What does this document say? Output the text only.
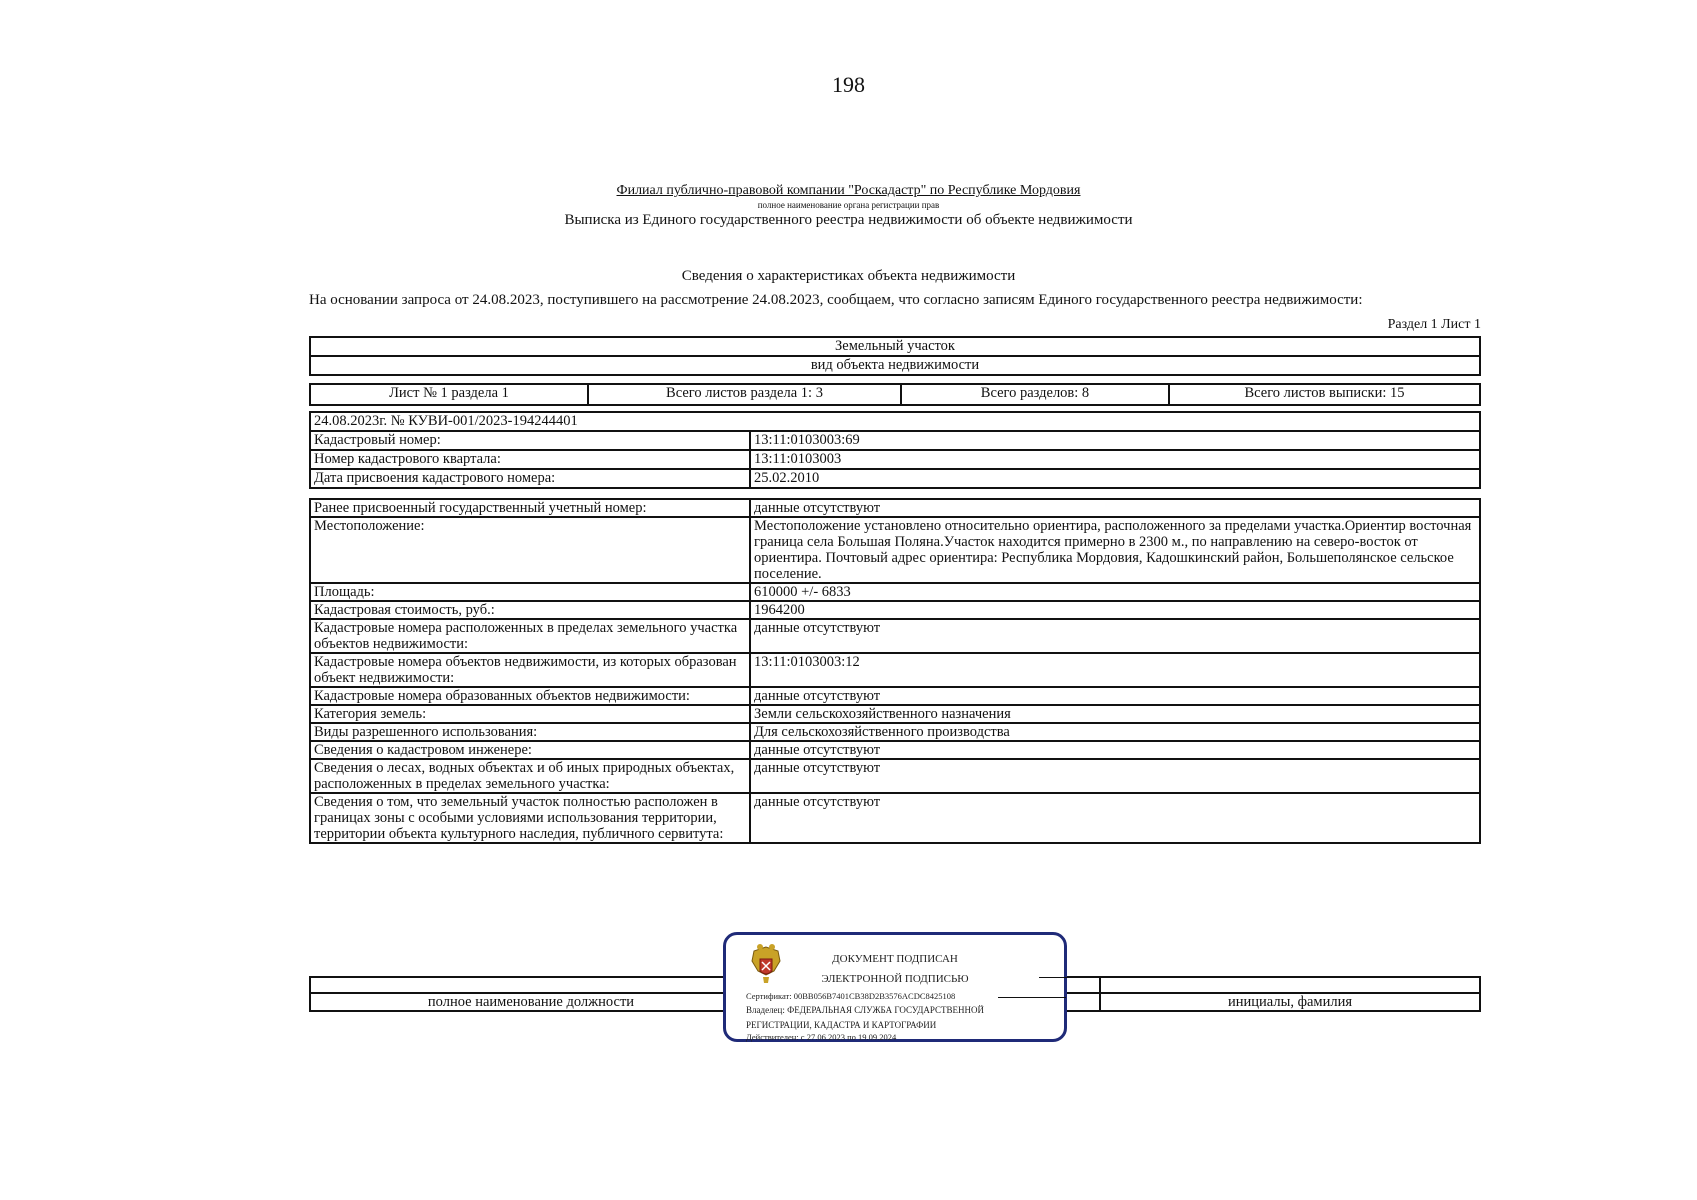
198
Филиал публично-правовой компании "Роскадастр" по Республике Мордовия
полное наименование органа регистрации прав
Выписка из Единого государственного реестра недвижимости об объекте недвижимости
Сведения о характеристиках объекта недвижимости
На основании запроса от 24.08.2023, поступившего на рассмотрение 24.08.2023, сообщаем, что согласно записям Единого государственного реестра недвижимости:
Раздел 1 Лист 1
Земельный участок
вид объекта недвижимости
Лист № 1 раздела 1	Всего листов раздела 1: 3	Всего разделов: 8	Всего листов выписки: 15
24.08.2023г. № КУВИ-001/2023-194244401	
Кадастровый номер:	13:11:0103003:69
Номер кадастрового квартала:	13:11:0103003
Дата присвоения кадастрового номера:	25.02.2010
Ранее присвоенный государственный учетный номер:	данные отсутствуют
Местоположение:	Местоположение установлено относительно ориентира, расположенного за пределами участка.Ориентир восточная граница села Большая Поляна.Участок находится примерно в 2300 м., по направлению на северо-восток от ориентира. Почтовый адрес ориентира: Республика Мордовия, Кадошкинский район, Большеполянское сельское поселение.
Площадь:	610000 +/- 6833
Кадастровая стоимость, руб.:	1964200
Кадастровые номера расположенных в пределах земельного участка объектов недвижимости:	данные отсутствуют
Кадастровые номера объектов недвижимости, из которых образован объект недвижимости:	13:11:0103003:12
Кадастровые номера образованных объектов недвижимости:	данные отсутствуют
Категория земель:	Земли сельскохозяйственного назначения
Виды разрешенного использования:	Для сельскохозяйственного производства
Сведения о кадастровом инженере:	данные отсутствуют
Сведения о лесах, водных объектах и об иных природных объектах, расположенных в пределах земельного участка:	данные отсутствуют
Сведения о том, что земельный участок полностью расположен в границах зоны с особыми условиями использования территории, территории объекта культурного наследия, публичного сервитута:	данные отсутствуют

полное наименование должности		инициалы, фамилия
ДОКУМЕНТ ПОДПИСАН
ЭЛЕКТРОННОЙ ПОДПИСЬЮ
Сертификат: 00BB056B7401CB38D2B3576ACDC8425108
Владелец: ФЕДЕРАЛЬНАЯ СЛУЖБА ГОСУДАРСТВЕННОЙ
РЕГИСТРАЦИИ, КАДАСТРА И КАРТОГРАФИИ
Действителен: с 27.06.2023 по 19.09.2024
